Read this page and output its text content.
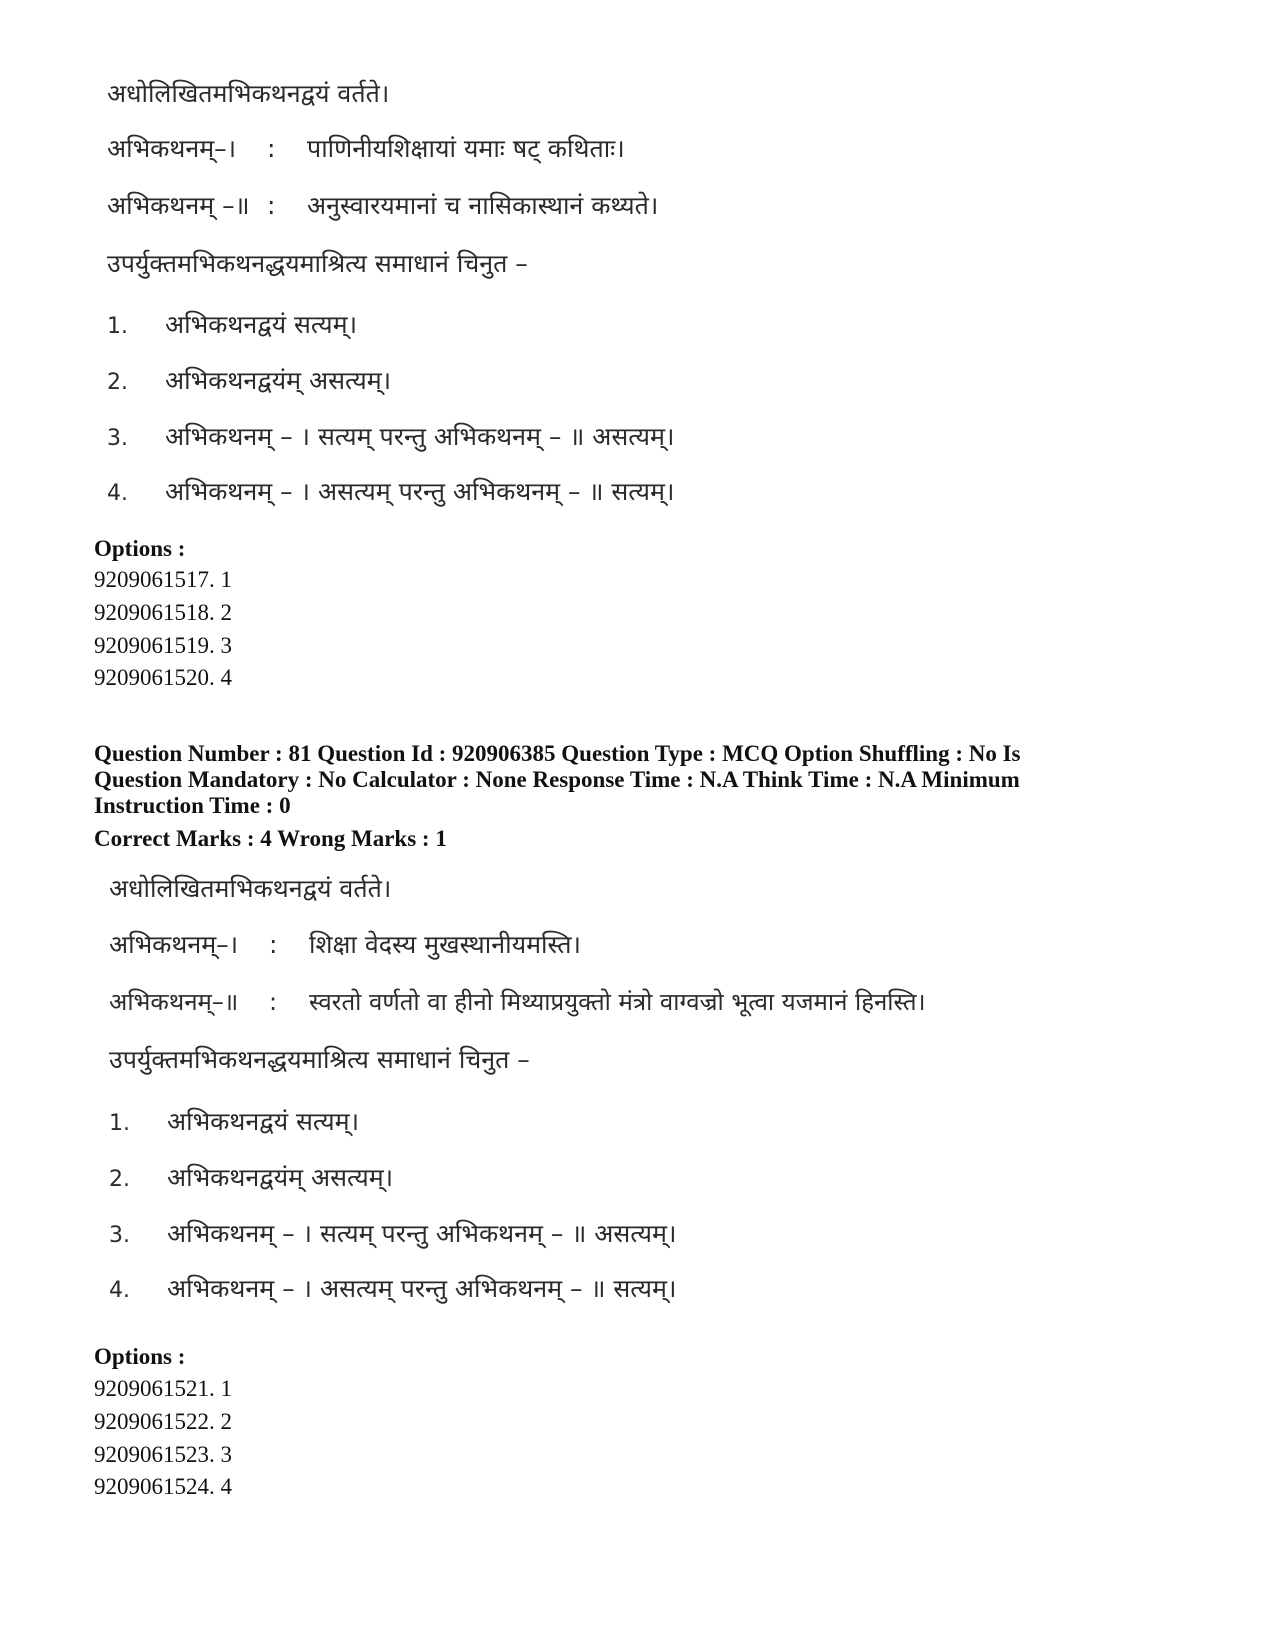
अधोलिखितमभिकथनद्वयं वर्तते।
अभिकथनम्–। : पाणिनीयशिक्षायां यमाः षट् कथिताः।
अभिकथनम् –॥ : अनुस्वारयमानां च नासिकास्थानं कथ्यते।
उपर्युक्तमभिकथनद्धयमाश्रित्य समाधानं चिनुत –
1. अभिकथनद्वयं सत्यम्।
2. अभिकथनद्वयंम् असत्यम्।
3. अभिकथनम् – । सत्यम् परन्तु अभिकथनम् – ॥ असत्यम्।
4. अभिकथनम् – । असत्यम् परन्तु अभिकथनम् – ॥ सत्यम्।
Options :
9209061517. 1
9209061518. 2
9209061519. 3
9209061520. 4
Question Number : 81 Question Id : 920906385 Question Type : MCQ Option Shuffling : No Is
Question Mandatory : No Calculator : None Response Time : N.A Think Time : N.A Minimum
Instruction Time : 0
Correct Marks : 4 Wrong Marks : 1
अधोलिखितमभिकथनद्वयं वर्तते।
अभिकथनम्–। : शिक्षा वेदस्य मुखस्थानीयमस्ति।
अभिकथनम्–॥ : स्वरतो वर्णतो वा हीनो मिथ्याप्रयुक्तो मंत्रो वाग्वज्रो भूत्वा यजमानं हिनस्ति।
उपर्युक्तमभिकथनद्धयमाश्रित्य समाधानं चिनुत –
1. अभिकथनद्वयं सत्यम्।
2. अभिकथनद्वयंम् असत्यम्।
3. अभिकथनम् – । सत्यम् परन्तु अभिकथनम् – ॥ असत्यम्।
4. अभिकथनम् – । असत्यम् परन्तु अभिकथनम् – ॥ सत्यम्।
Options :
9209061521. 1
9209061522. 2
9209061523. 3
9209061524. 4
